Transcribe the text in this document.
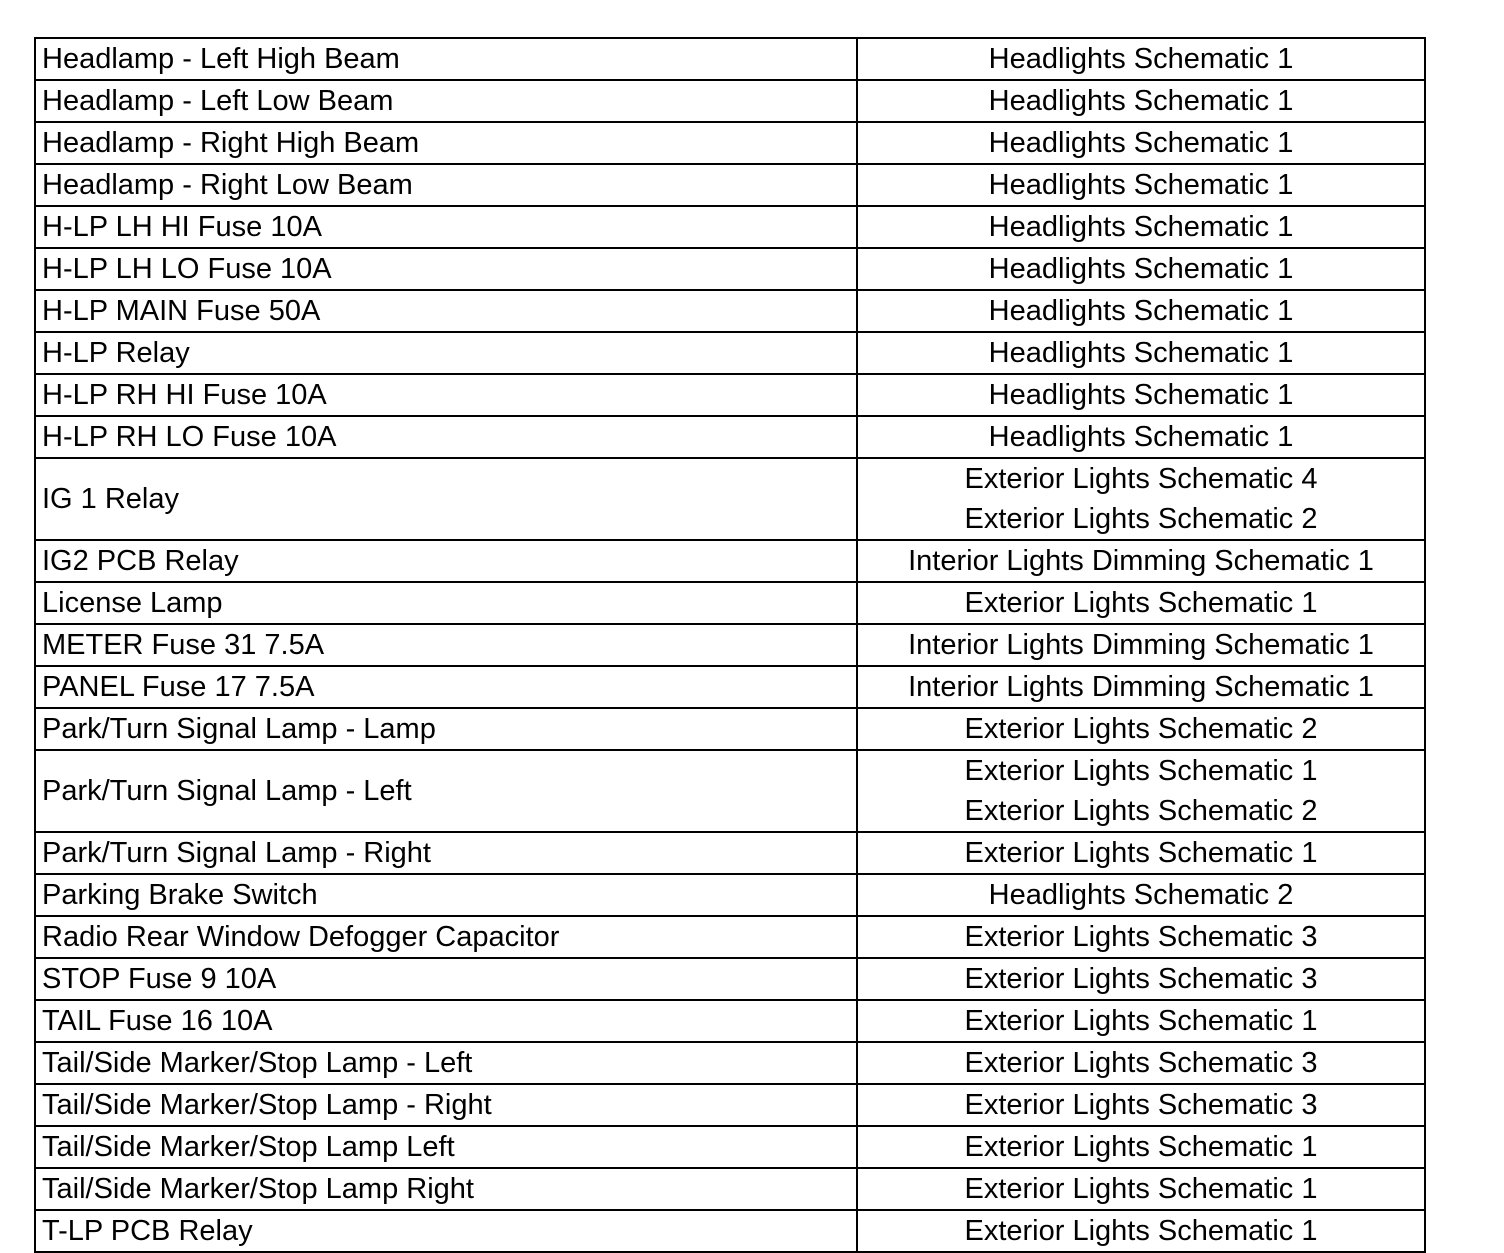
Headlamp - Left High Beam	Headlights Schematic 1

Headlamp - Left Low Beam	Headlights Schematic 1

Headlamp - Right High Beam	Headlights Schematic 1

Headlamp - Right Low Beam	Headlights Schematic 1

H-LP LH HI Fuse 10A	Headlights Schematic 1

H-LP LH LO Fuse 10A	Headlights Schematic 1

H-LP MAIN Fuse 50A	Headlights Schematic 1

H-LP Relay	Headlights Schematic 1

H-LP RH HI Fuse 10A	Headlights Schematic 1

H-LP RH LO Fuse 10A	Headlights Schematic 1

IG 1 Relay	Exterior Lights Schematic 4
Exterior Lights Schematic 2

IG2 PCB Relay	Interior Lights Dimming Schematic 1

License Lamp	Exterior Lights Schematic 1

METER Fuse 31 7.5A	Interior Lights Dimming Schematic 1

PANEL Fuse 17 7.5A	Interior Lights Dimming Schematic 1

Park/Turn Signal Lamp - Lamp	Exterior Lights Schematic 2

Park/Turn Signal Lamp - Left	Exterior Lights Schematic 1
Exterior Lights Schematic 2

Park/Turn Signal Lamp - Right	Exterior Lights Schematic 1

Parking Brake Switch	Headlights Schematic 2

Radio Rear Window Defogger Capacitor	Exterior Lights Schematic 3

STOP Fuse 9 10A	Exterior Lights Schematic 3

TAIL Fuse 16 10A	Exterior Lights Schematic 1

Tail/Side Marker/Stop Lamp - Left	Exterior Lights Schematic 3

Tail/Side Marker/Stop Lamp - Right	Exterior Lights Schematic 3

Tail/Side Marker/Stop Lamp Left	Exterior Lights Schematic 1

Tail/Side Marker/Stop Lamp Right	Exterior Lights Schematic 1

T-LP PCB Relay	Exterior Lights Schematic 1
